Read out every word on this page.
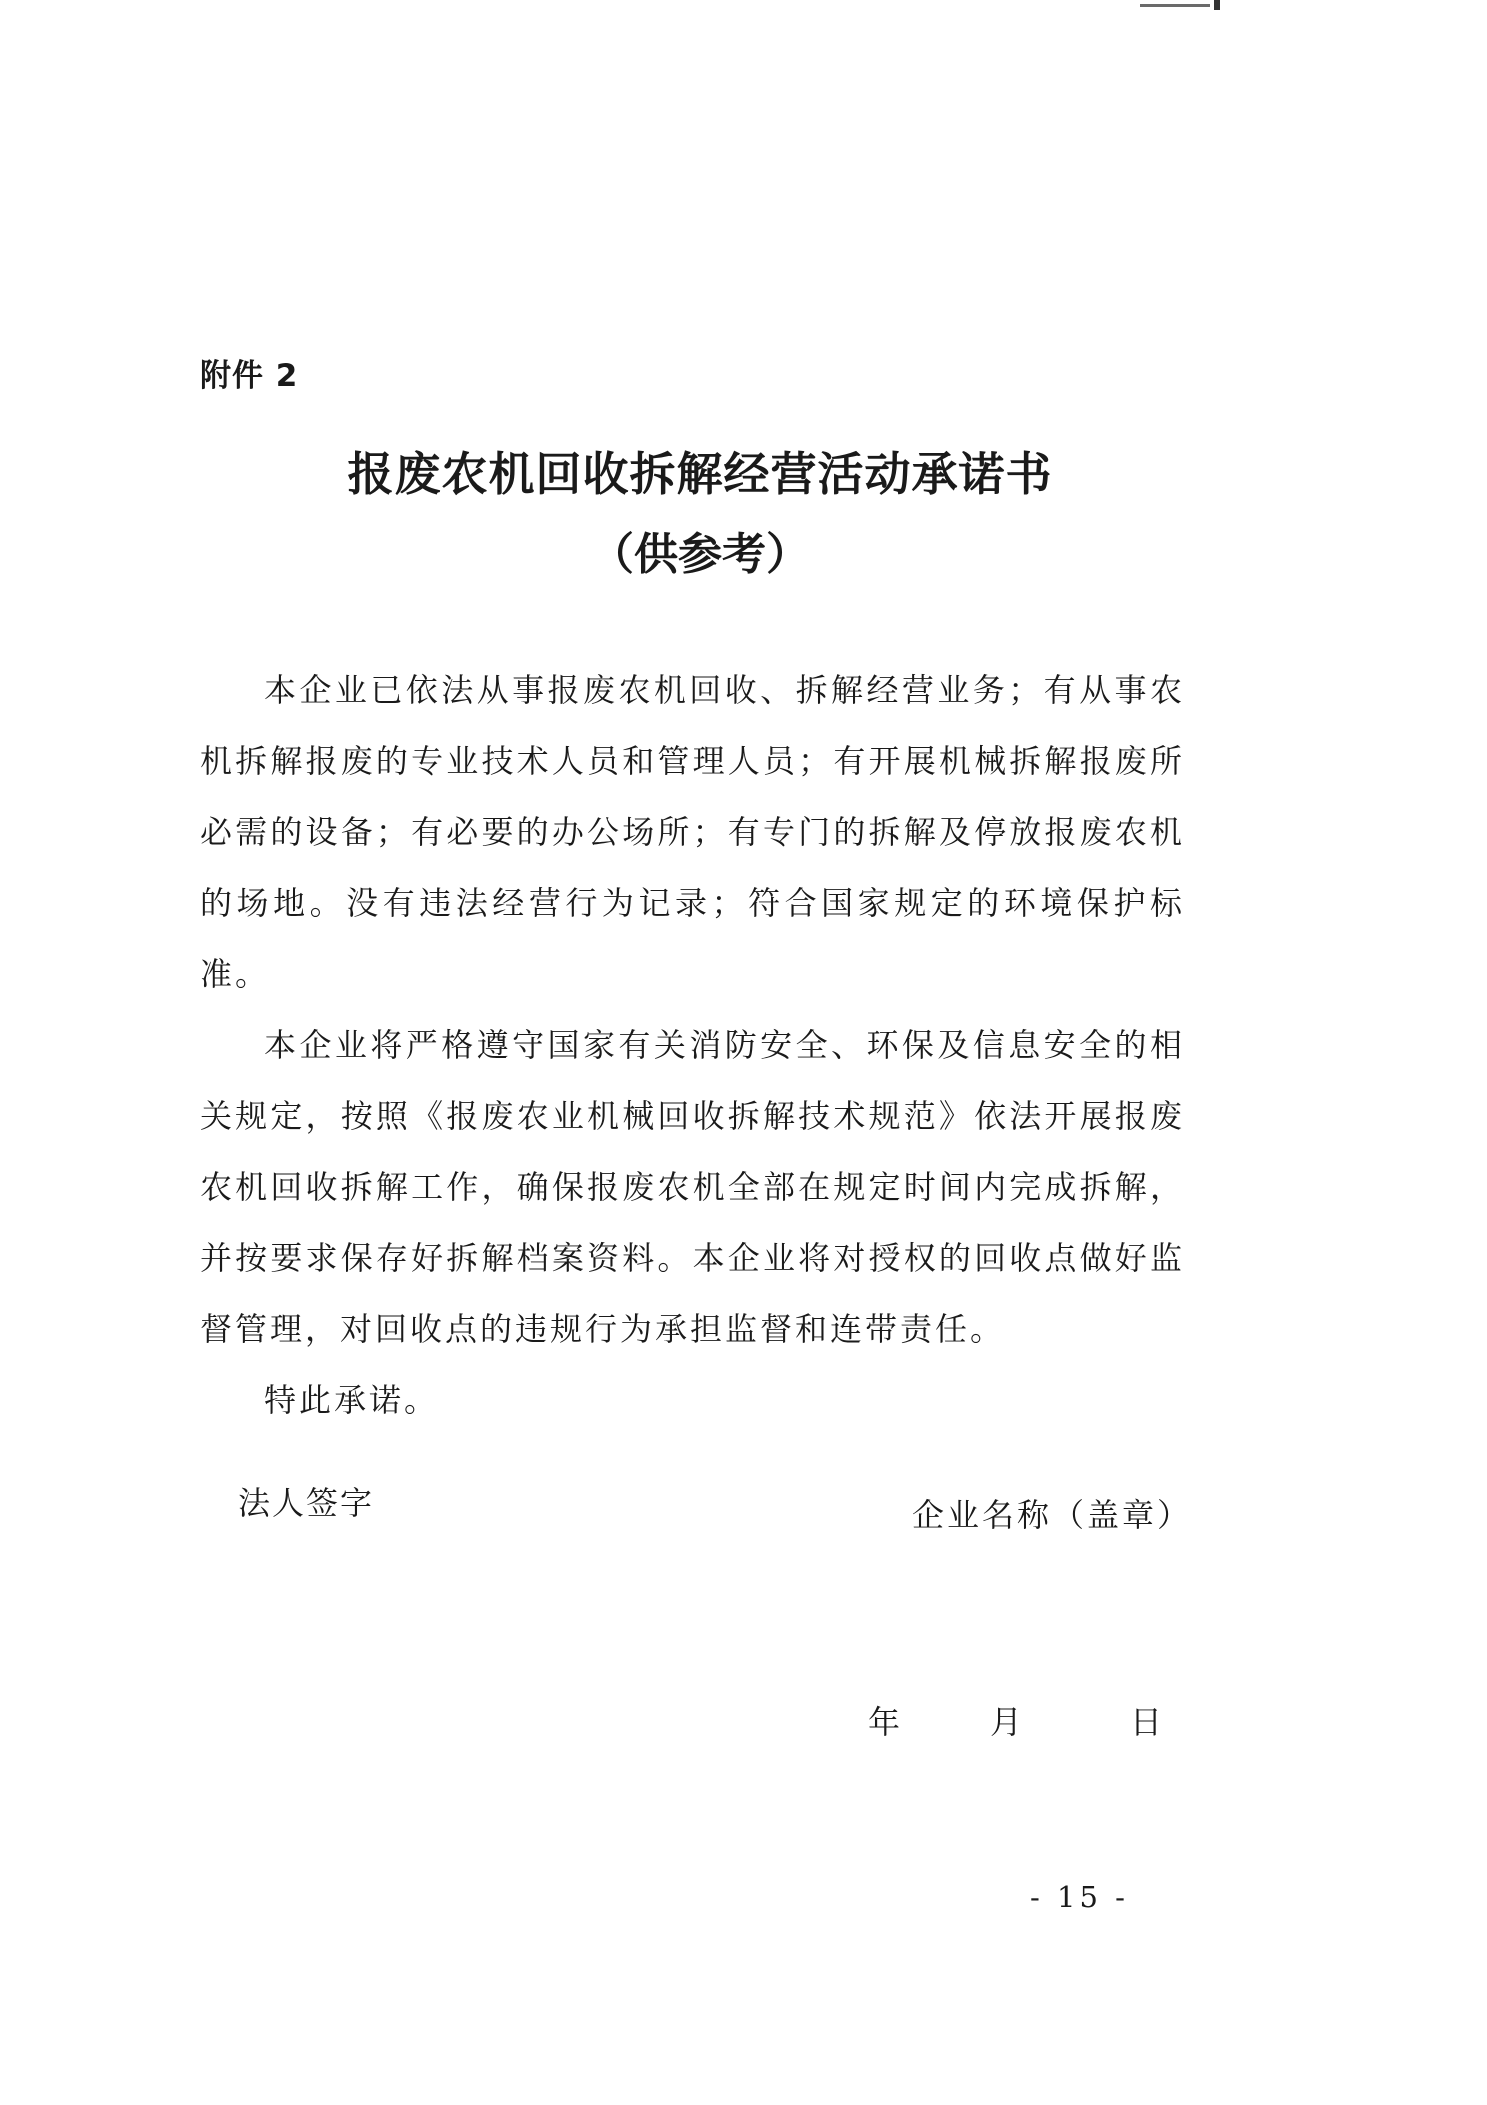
附件 2
报废农机回收拆解经营活动承诺书
（供参考）

本企业已依法从事报废农机回收、拆解经营业务；有从事农机拆解报废的专业技术人员和管理人员；有开展机械拆解报废所必需的设备；有必要的办公场所；有专门的拆解及停放报废农机的场地。没有违法经营行为记录；符合国家规定的环境保护标准。

本企业将严格遵守国家有关消防安全、环保及信息安全的相关规定，按照《报废农业机械回收拆解技术规范》依法开展报废农机回收拆解工作，确保报废农机全部在规定时间内完成拆解，并按要求保存好拆解档案资料。本企业将对授权的回收点做好监督管理，对回收点的违规行为承担监督和连带责任。

特此承诺。

法人签字	企业名称（盖章）
年	月	日
- 15 -
